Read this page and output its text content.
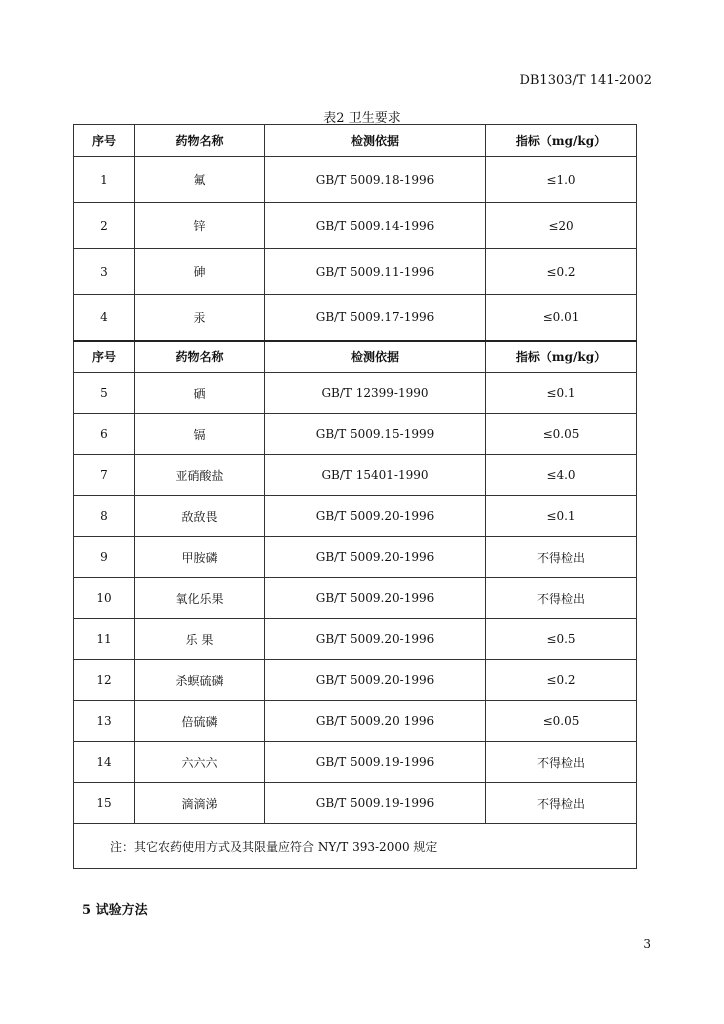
DB1303/T 141-2002
表2 卫生要求
序号	药物名称	检测依据	指标（mg/kg）
1	氟	GB/T 5009.18-1996	≤1.0
2	锌	GB/T 5009.14-1996	≤20
3	砷	GB/T 5009.11-1996	≤0.2
4	汞	GB/T 5009.17-1996	≤0.01
序号	药物名称	检测依据	指标（mg/kg）
5	硒	GB/T 12399-1990	≤0.1
6	镉	GB/T 5009.15-1999	≤0.05
7	亚硝酸盐	GB/T 15401-1990	≤4.0
8	敌敌畏	GB/T 5009.20-1996	≤0.1
9	甲胺磷	GB/T 5009.20-1996	不得检出
10	氧化乐果	GB/T 5009.20-1996	不得检出
11	乐 果	GB/T 5009.20-1996	≤0.5
12	杀螟硫磷	GB/T 5009.20-1996	≤0.2
13	倍硫磷	GB/T 5009.20 1996	≤0.05
14	六六六	GB/T 5009.19-1996	不得检出
15	滴滴涕	GB/T 5009.19-1996	不得检出
注：其它农药使用方式及其限量应符合 NY/T 393-2000 规定			
5 试验方法
3
